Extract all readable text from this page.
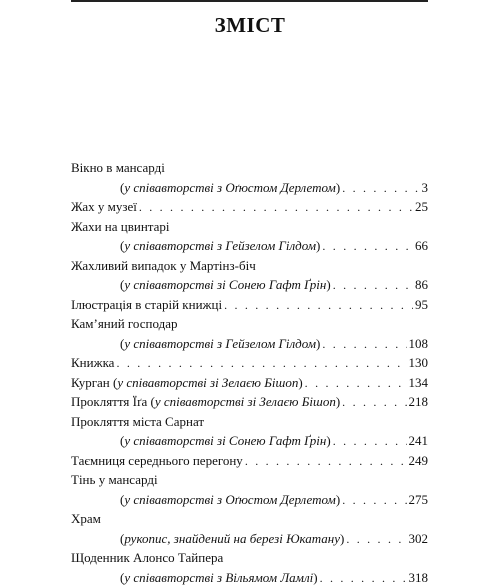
ЗМІСТ
Вікно в мансарді
(у співавторстві з Оґюстом Дерлетом) . . .	3
Жах у музеї . . .	25
Жахи на цвинтарі
(у співавторстві з Гейзелом Гілдом) . . .	66
Жахливий випадок у Мартінз-біч
(у співавторстві зі Сонею Гафт Ґрін) . . .	86
Ілюстрація в старій книжці . . .	95
Кам’яний господар
(у співавторстві з Гейзелом Гілдом) . . .	108
Книжка . . .	130
Курган (у співавторстві зі Зелаєю Бішоп) . . .	134
Прокляття Їґа (у співавторстві зі Зелаєю Бішоп) . . .	218
Прокляття міста Сарнат
(у співавторстві зі Сонею Гафт Ґрін) . . .	241
Таємниця середнього перегону . . .	249
Тінь у мансарді
(у співавторстві з Оґюстом Дерлетом) . . .	275
Храм
(рукопис, знайдений на березі Юкатану) . . .	302
Щоденник Алонсо Тайпера
(у співавторстві з Вільямом Ламлі) . . .	318
